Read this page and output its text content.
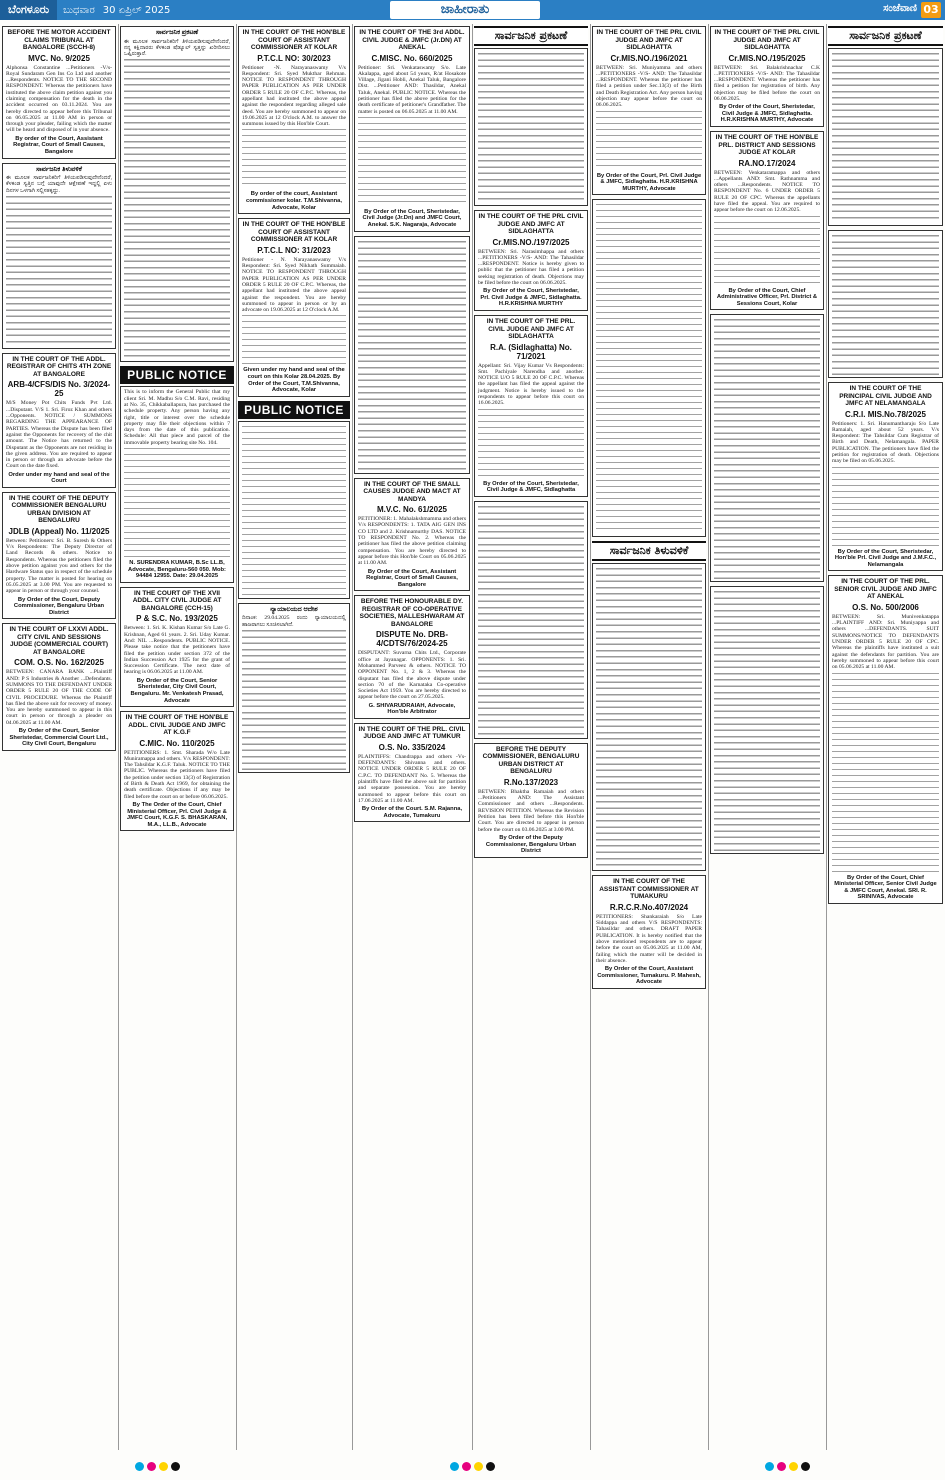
ಬೆಂಗಳೂರು ಬುಧವಾರ 30 ಏಪ್ರಿಲ್ 2025	ಜಾಹೀರಾತು	ಸಂಜೆವಾಣಿ 03
BEFORE THE MOTOR ACCIDENT CLAIMS TRIBUNAL AT BANGALORE (SCCH-8)
MVC. No. 9/2025

Alphonsa Constantine ...Petitioners -V/s- Royal Sundaram Gen Ins Co Ltd and another ...Respondents. NOTICE TO THE SECOND RESPONDENT. Whereas the petitioners have instituted the above claim petition against you claiming compensation for the death in the accident occurred on 03.11.2024. You are hereby directed to appear before this Tribunal on 06.05.2025 at 11.00 AM in person or through your pleader, failing which the matter will be heard and disposed of in your absence.

By order of the Court, Assistant Registrar, Court of Small Causes, Bangalore
ಸಾರ್ವಜನಿಕ ತಿಳುವಳಿಕೆ

ಈ ಮೂಲಕ ಸಾರ್ವಜನಿಕರಿಗೆ ತಿಳಿಯಪಡಿಸುವುದೇನೆಂದರೆ, ಕೆಳಕಂಡ ಸ್ವತ್ತಿನ ಬಗ್ಗೆ ಯಾವುದೇ ಆಕ್ಷೇಪಣೆ ಇದ್ದಲ್ಲಿ ಏಳು ದಿನಗಳ ಒಳಗಾಗಿ ಸಲ್ಲಿಸತಕ್ಕದ್ದು.

IN THE COURT OF THE ADDL. REGISTRAR OF CHITS 4TH ZONE AT BANGALORE
ARB-4/CFS/DIS No. 3/2024-25

M/S Money Pot Chits Funds Pvt Ltd. ...Disputant. V/S 1. Sri. Firoz Khan and others ...Opponents. NOTICE / SUMMONS REGARDING THE APPEARANCE OF PARTIES. Whereas the Dispute has been filed against the Opponents for recovery of the chit amount. The Notice has returned to the Disputant as the Opponents are not residing in the given address. You are required to appear in person or through an advocate before the Court on the date fixed.

Order under my hand and seal of the Court
IN THE COURT OF THE DEPUTY COMMISSIONER BENGALURU URBAN DIVISION AT BENGALURU
JDLB (Appeal) No. 11/2025

Between: Petitioners: Sri. B. Suresh & Others V/s Respondents: The Deputy Director of Land Records & others. Notice to Respondents. Whereas the petitioners filed the above petition against you and others for the Hardware Status quo in respect of the schedule property. The matter is posted for hearing on 05.05.2025 at 3.00 PM. You are requested to appear in person or through your counsel.

By Order of the Court, Deputy Commissioner, Bengaluru Urban District
IN THE COURT OF LXXVI ADDL. CITY CIVIL AND SESSIONS JUDGE (COMMERCIAL COURT) AT BANGALORE
COM. O.S. No. 162/2025

BETWEEN: CANARA BANK ...Plaintiff AND: P S Industries & Another ...Defendants. SUMMONS TO THE DEFENDANT UNDER ORDER 5 RULE 20 OF THE CODE OF CIVIL PROCEDURE. Whereas the Plaintiff has filed the above suit for recovery of money. You are hereby summoned to appear in this court in person or through a pleader on 04.06.2025 at 11.00 AM.

By Order of the Court, Senior Sheristedar, Commercial Court Ltd., City Civil Court, Bengaluru
ಸಾರ್ವಜನಿಕ ಪ್ರಕಟಣೆ

ಈ ಮೂಲಕ ಸಾರ್ವಜನಿಕರಿಗೆ ತಿಳಿಯಪಡಿಸುವುದೇನೆಂದರೆ, ನನ್ನ ಕಕ್ಷಿದಾರರು ಕೆಳಕಂಡ ಷೆಡ್ಯೂಲ್ ಸ್ವತ್ತನ್ನು ಖರೀದಿಸಲು ಒಪ್ಪಿರುತ್ತಾರೆ.

PUBLIC NOTICE

This is to inform the General Public that my client Sri. M. Madhu S/o C.M. Ravi, residing at No. 35, Chikkaballapura, has purchased the schedule property. Any person having any right, title or interest over the schedule property may file their objections within 7 days from the date of this publication. Schedule: All that piece and parcel of the immovable property bearing site No. 104.

N. SURENDRA KUMAR, B.Sc LL.B, Advocate, Bengaluru-560 050. Mob: 94484 12955. Date: 29.04.2025
IN THE COURT OF THE XVII ADDL. CITY CIVIL JUDGE AT BANGALORE (CCH-15)
P & S.C. No. 193/2025

Between: 1. Sri. K. Kishan Kumar S/o Late G. Krishnan, Aged 61 years. 2. Sri. Uday Kumar. And: NIL ...Respondents. PUBLIC NOTICE. Please take notice that the petitioners have filed the petition under section 372 of the Indian Succession Act 1925 for the grant of Succession Certificate. The next date of hearing is 06.06.2025 at 11.00 AM.

By Order of the Court, Senior Sheristedar, City Civil Court, Bengaluru. Mr. Venkatesh Prasad, Advocate
IN THE COURT OF THE HON'BLE ADDL. CIVIL JUDGE AND JMFC AT K.G.F
C.MIC. No. 110/2025

PETITIONERS: 1. Smt. Sharada W/o Late Muniramappa and others. V/s RESPONDENT: The Tahsildar K.G.F. Taluk. NOTICE TO THE PUBLIC. Whereas the petitioners have filed the petition under section 13(3) of Registration of Birth & Death Act 1969, for obtaining the death certificate. Objections if any may be filed before the court on or before 06.06.2025.

By The Order of the Court, Chief Ministerial Officer, Prl. Civil Judge & JMFC Court, K.G.F. S. BHASKARAN, M.A., LL.B., Advocate
IN THE COURT OF THE HON'BLE COURT OF ASSISTANT COMMISSIONER AT KOLAR
P.T.C.L NO: 30/2023

Petitioner -N. Narayanaswamy V/s Respondent: Sri. Syed Mukthar Rehman. NOTICE TO RESPONDENT THROUGH PAPER PUBLICATION AS PER UNDER ORDER 5 RULE 20 OF C.P.C. Whereas, the appellant had instituted the above appeal against the respondent regarding alleged sale deed. You are hereby summoned to appear on 19.06.2025 at 12 O'clock A.M. to answer the summons issued by this Hon'ble Court.

By order of the court, Assistant commissioner kolar. T.M.Shivanna, Advocate, Kolar
IN THE COURT OF THE HON'BLE COURT OF ASSISTANT COMMISSIONER AT KOLAR
P.T.C.L NO: 31/2023

Petitioner - N. Narayanaswamy V/s Respondent: Sri. Syed Nikhath Summaiah. NOTICE TO RESPONDENT THROUGH PAPER PUBLICATION AS PER UNDER ORDER 5 RULE 20 OF C.P.C. Whereas, the appellant had instituted the above appeal against the respondent. You are hereby summoned to appear in person or by an advocate on 19.06.2025 at 12 O'clock A.M.

Given under my hand and seal of the court on this Kolar 28.04.2025. By Order of the Court, T.M.Shivanna, Advocate, Kolar
PUBLIC NOTICE
ನ್ಯಾಯಾಲಯದ ಆದೇಶ

ದಿನಾಂಕ: 29.04.2025 ರಂದು ನ್ಯಾಯಾಲಯದಲ್ಲಿ ಹಾಜರಾಗಲು ಸೂಚಿಸಲಾಗಿದೆ.

IN THE COURT OF THE 3rd ADDL. CIVIL JUDGE & JMFC (Jr.DN) AT ANEKAL
C.MISC. No. 660/2025

Petitioner: Sri. Venkataswamy S/o. Late Akalappa, aged about 54 years, R/at Hosakote Village, Jigani Hobli, Anekal Taluk, Bangalore Dist. ...Petitioner AND: Thasildar, Anekal Taluk, Anekal. PUBLIC NOTICE. Whereas the petitioner has filed the above petition for the death certificate of petitioner's Grandfather. The matter is posted on 06.05.2025 at 11.00 AM.

By Order of the Court, Sheristedar, Civil Judge (Jr.Dn) and JMFC Court, Anekal. S.K. Nagaraja, Advocate
IN THE COURT OF THE SMALL CAUSES JUDGE AND MACT AT MANDYA
M.V.C. No. 61/2025

PETITIONER: 1. Mahalakshmamma and others V/s RESPONDENTS: 1. TATA AIG GEN INS CO LTD and 2. Krishnamurthy DAS. NOTICE TO RESPONDENT No. 2. Whereas the petitioner has filed the above petition claiming compensation. You are hereby directed to appear before this Hon'ble Court on 05.06.2025 at 11.00 AM.

By Order of the Court, Assistant Registrar, Court of Small Causes, Bangalore
BEFORE THE HONOURABLE DY. REGISTRAR OF CO-OPERATIVE SOCIETIES, MALLESHWARAM AT BANGALORE
DISPUTE No. DRB-4/CDTS/76/2024-25

DISPUTANT: Suvarna Chits Ltd., Corporate office at Jayanagar. OPPONENTS: 1. Sri. Mohammed Parveez & others. NOTICE TO OPPONENT No. 1, 2 & 3. Whereas the disputant has filed the above dispute under section 70 of the Karnataka Co-operative Societies Act 1959. You are hereby directed to appear before the court on 27.05.2025.

G. SHIVARUDRAIAH, Advocate, Hon'ble Arbitrator
IN THE COURT OF THE PRL. CIVIL JUDGE AND JMFC AT TUMKUR
O.S. No. 335/2024

PLAINTIFFS: Chandrappa and others -Vs- DEFENDANTS: Shivanna and others. NOTICE UNDER ORDER 5 RULE 20 OF C.P.C. TO DEFENDANT No. 5. Whereas the plaintiffs have filed the above suit for partition and separate possession. You are hereby summoned to appear before this court on 17.06.2025 at 11.00 AM.

By Order of the Court. S.M. Rajanna, Advocate, Tumakuru
ಸಾರ್ವಜನಿಕ ಪ್ರಕಟಣೆ
IN THE COURT OF THE PRL CIVIL JUDGE AND JMFC AT SIDLAGHATTA
Cr.MIS.NO./197/2025

BETWEEN: Sri. Narasimhappa and others ...PETITIONERS -V/S- AND: The Tahasildar ...RESPONDENT. Notice is hereby given to public that the petitioner has filed a petition seeking registration of death. Objections may be filed before the court on 06.06.2025.

By Order of the Court, Sheristedar, Prl. Civil Judge & JMFC, Sidlaghatta. H.R.KRISHNA MURTHY
IN THE COURT OF THE PRL. CIVIL JUDGE AND JMFC AT SIDLAGHATTA
R.A. (Sidlaghatta) No. 71/2021

Appellant: Sri. Vijay Kumar Vs Respondents: Smt. Pachiyale Narendha and another. NOTICE U/O 5 RULE 20 OF C.P.C. Whereas the appellant has filed the appeal against the judgment. Notice is hereby issued to the respondents to appear before this court on 16.06.2025.

By Order of the Court, Sheristedar, Civil Judge & JMFC, Sidlaghatta
BEFORE THE DEPUTY COMMISSIONER, BENGALURU URBAN DISTRICT AT BENGALURU
R.No.137/2023

BETWEEN: Bhaktha Ramaiah and others ...Petitioners AND: The Assistant Commissioner and others ...Respondents. REVISION PETITION. Whereas the Revision Petition has been filed before this Hon'ble Court. You are directed to appear in person before the court on 03.06.2025 at 3.00 PM.

By Order of the Deputy Commissioner, Bengaluru Urban District
IN THE COURT OF THE PRL CIVIL JUDGE AND JMFC AT SIDLAGHATTA
Cr.MIS.NO./196/2021

BETWEEN: Sri. Muniyamma and others ...PETITIONERS -V/S- AND: The Tahasildar ...RESPONDENT. Whereas the petitioner has filed a petition under Sec.13(3) of the Birth and Death Registration Act. Any person having objection may appear before the court on 06.06.2025.

By Order of the Court, Prl. Civil Judge & JMFC, Sidlaghatta. H.R.KRISHNA MURTHY, Advocate
ಸಾರ್ವಜನಿಕ ತಿಳುವಳಿಕೆ
IN THE COURT OF THE ASSISTANT COMMISSIONER AT TUMAKURU
R.R.C.R.No.407/2024

PETITIONERS: Shankaraiah S/o Late Siddappa and others V/S RESPONDENTS: Tahasildar and others. DRAFT PAPER PUBLICATION. It is hereby notified that the above mentioned respondents are to appear before the court on 05.06.2025 at 11.00 AM, failing which the matter will be decided in their absence.

By Order of the Court, Assistant Commissioner, Tumakuru. P. Mahesh, Advocate
IN THE COURT OF THE PRL CIVIL JUDGE AND JMFC AT SIDLAGHATTA
Cr.MIS.NO./195/2025

BETWEEN: Sri. Balakrishnachar C.K ...PETITIONERS -V/S- AND: The Tahasildar ...RESPONDENT. Whereas the petitioner has filed a petition for registration of birth. Any objection may be filed before the court on 06.06.2025.

By Order of the Court, Sheristedar, Civil Judge & JMFC, Sidlaghatta. H.R.KRISHNA MURTHY, Advocate
IN THE COURT OF THE HON'BLE PRL. DISTRICT AND SESSIONS JUDGE AT KOLAR
RA.NO.17/2024

BETWEEN: Venkataramappa and others ...Appellants AND: Smt. Rathnamma and others ...Respondents. NOTICE TO RESPONDENT No. 6 UNDER ORDER 5 RULE 20 OF CPC. Whereas the appellants have filed the appeal. You are required to appear before the court on 12.06.2025.

By Order of the Court, Chief Administrative Officer, Prl. District & Sessions Court, Kolar
ಸಾರ್ವಜನಿಕ ಪ್ರಕಟಣೆ
IN THE COURT OF THE PRINCIPAL CIVIL JUDGE AND JMFC AT NELAMANGALA
C.R.I. MIS.No.78/2025

Petitioners: 1. Sri. Hanumantharaju S/o Late Ramaiah, aged about 52 years. V/s Respondent: The Tahsildar Cum Registrar of Birth and Death, Nelamangala. PAPER PUBLICATION. The petitioners have filed the petition for registration of death. Objections may be filed on 05.06.2025.

By Order of the Court, Sheristedar, Hon'ble Prl. Civil Judge and J.M.F.C., Nelamangala
IN THE COURT OF THE PRL. SENIOR CIVIL JUDGE AND JMFC AT ANEKAL
O.S. No. 500/2006

BETWEEN: Sri. Munivenkatappa ...PLAINTIFF AND: Sri. Muniyappa and others ...DEFENDANTS. SUIT SUMMONS/NOTICE TO DEFENDANTS UNDER ORDER 5 RULE 20 OF CPC. Whereas the plaintiffs have instituted a suit against the defendants for partition. You are hereby summoned to appear before this court on 05.06.2025 at 11.00 AM.

By Order of the Court, Chief Ministerial Officer, Senior Civil Judge & JMFC Court, Anekal. SRI. R. SRINIVAS, Advocate
